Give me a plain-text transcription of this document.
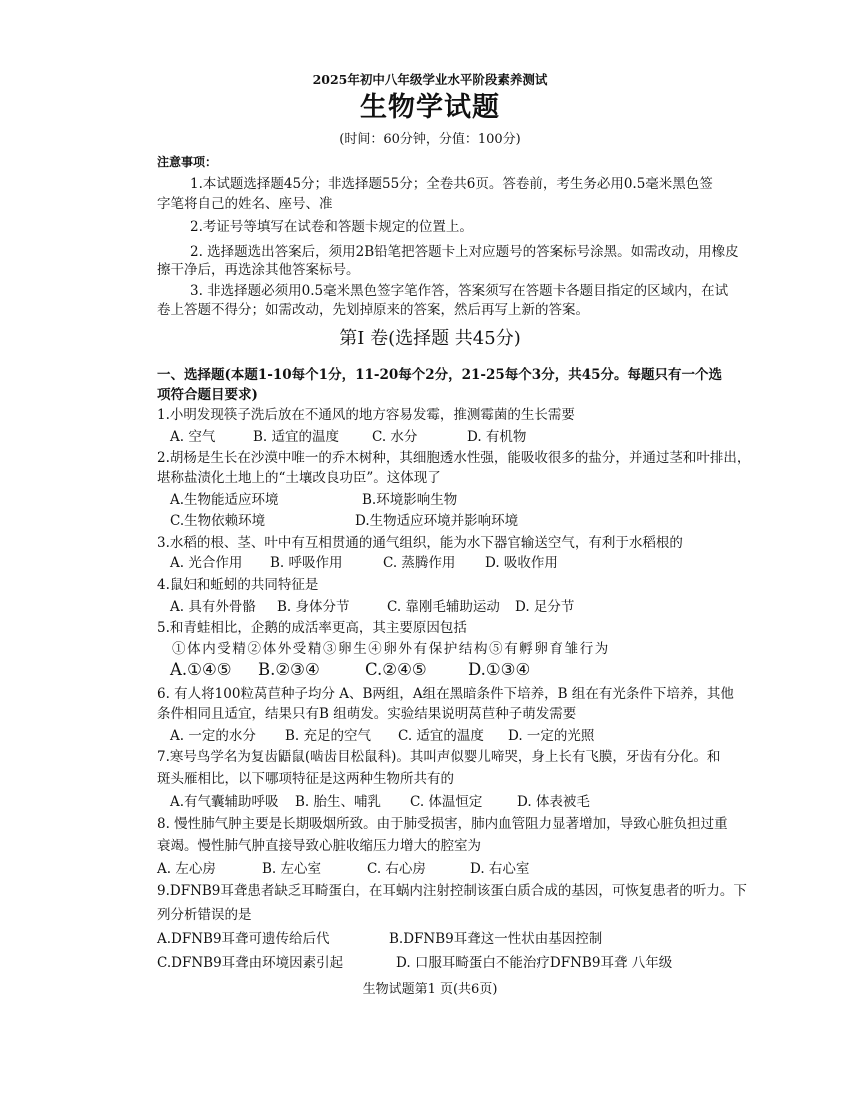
2025年初中八年级学业水平阶段素养测试
生物学试题
(时间：60分钟，分值：100分)
注意事项：
1.本试题选择题45分；非选择题55分；全卷共6页。答卷前，考生务必用0.5毫米黑色签
字笔将自己的姓名、座号、准
2.考证号等填写在试卷和答题卡规定的位置上。
2. 选择题选出答案后，须用2B铅笔把答题卡上对应题号的答案标号涂黑。如需改动，用橡皮
擦干净后，再选涂其他答案标号。
3. 非选择题必须用0.5毫米黑色签字笔作答，答案须写在答题卡各题目指定的区域内，在试
卷上答题不得分；如需改动，先划掉原来的答案，然后再写上新的答案。
第I 卷(选择题 共45分)
一、选择题(本题1-10每个1分，11-20每个2分，21-25每个3分，共45分。每题只有一个选
项符合题目要求)
1.小明发现筷子洗后放在不通风的地方容易发霉，推测霉菌的生长需要
A. 空气	B. 适宜的温度 C. 水分	D. 有机物
2.胡杨是生长在沙漠中唯一的乔木树种，其细胞透水性强，能吸收很多的盐分，并通过茎和叶排出，
堪称盐渍化土地上的“土壤改良功臣”。这体现了
A.生物能适应环境	B.环境影响生物
C.生物依赖环境	D.生物适应环境并影响环境
3.水稻的根、茎、叶中有互相贯通的通气组织，能为水下器官输送空气，有利于水稻根的
A. 光合作用 B. 呼吸作用	C. 蒸腾作用 D. 吸收作用
4.鼠妇和蚯蚓的共同特征是
A. 具有外骨骼 B. 身体分节	C. 靠刚毛辅助运动 D. 足分节
5.和青蛙相比，企鹅的成活率更高，其主要原因包括
①体内受精②体外受精③卵生④卵外有保护结构⑤有孵卵育雏行为
A.①④⑤ B.②③④	C.②④⑤	D.①③④
6. 有人将100粒莴苣种子均分 A、B两组，A组在黑暗条件下培养，B 组在有光条件下培养，其他
条件相同且适宜，结果只有B 组萌发。实验结果说明莴苣种子萌发需要
A. 一定的水分 B. 充足的空气 C. 适宜的温度 D. 一定的光照
7.寒号鸟学名为复齿鼯鼠(啮齿目松鼠科)。其叫声似婴儿啼哭，身上长有飞膜，牙齿有分化。和
斑头雁相比，以下哪项特征是这两种生物所共有的
A.有气囊辅助呼吸 B. 胎生、哺乳 C. 体温恒定	D. 体表被毛
8. 慢性肺气肿主要是长期吸烟所致。由于肺受损害，肺内血管阻力显著增加，导致心脏负担过重
衰竭。慢性肺气肿直接导致心脏收缩压力增大的腔室为
A. 左心房	B. 左心室	C. 右心房	D. 右心室
9.DFNB9耳聋患者缺乏耳畸蛋白，在耳蜗内注射控制该蛋白质合成的基因，可恢复患者的听力。下
列分析错误的是
A.DFNB9耳聋可遗传给后代	B.DFNB9耳聋这一性状由基因控制
C.DFNB9耳聋由环境因素引起	D. 口服耳畸蛋白不能治疗DFNB9耳聋 八年级
生物试题第1 页(共6页)
